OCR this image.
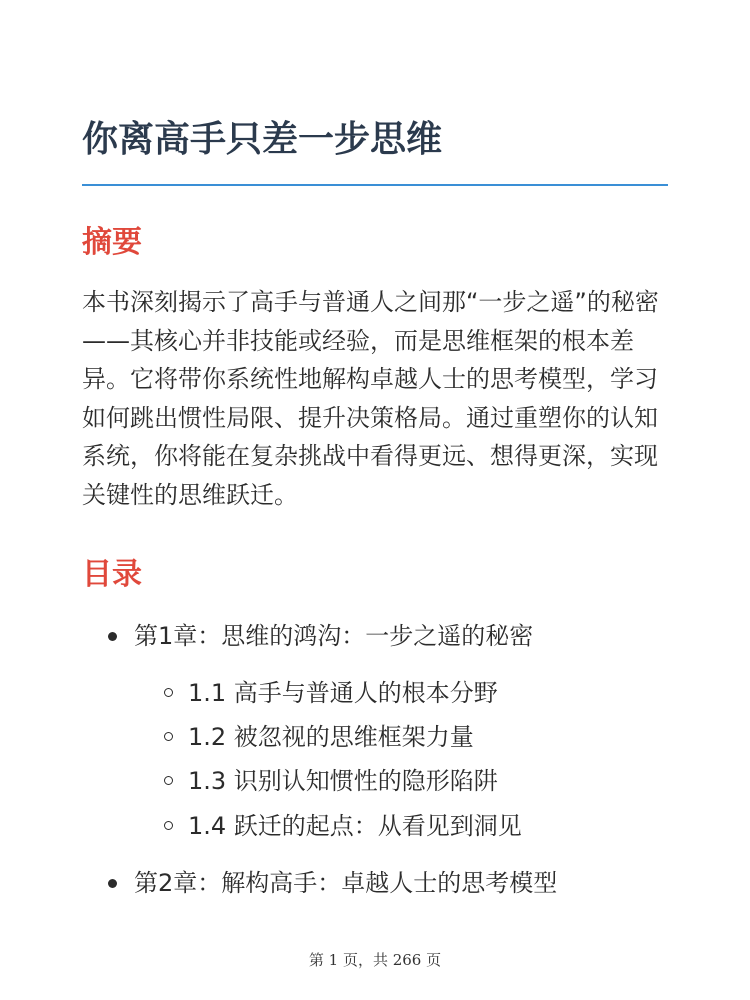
你离高手只差一步思维
摘要

本书深刻揭示了高手与普通人之间那“一步之遥”的秘密——其核心并非技能或经验，而是思维框架的根本差异。它将带你系统性地解构卓越人士的思考模型，学习如何跳出惯性局限、提升决策格局。通过重塑你的认知系统，你将能在复杂挑战中看得更远、想得更深，实现关键性的思维跃迁。

目录
第1章：思维的鸿沟：一步之遥的秘密
1.1 高手与普通人的根本分野
1.2 被忽视的思维框架力量
1.3 识别认知惯性的隐形陷阱
1.4 跃迁的起点：从看见到洞见
第2章：解构高手：卓越人士的思考模型
第 1 页，共 266 页
